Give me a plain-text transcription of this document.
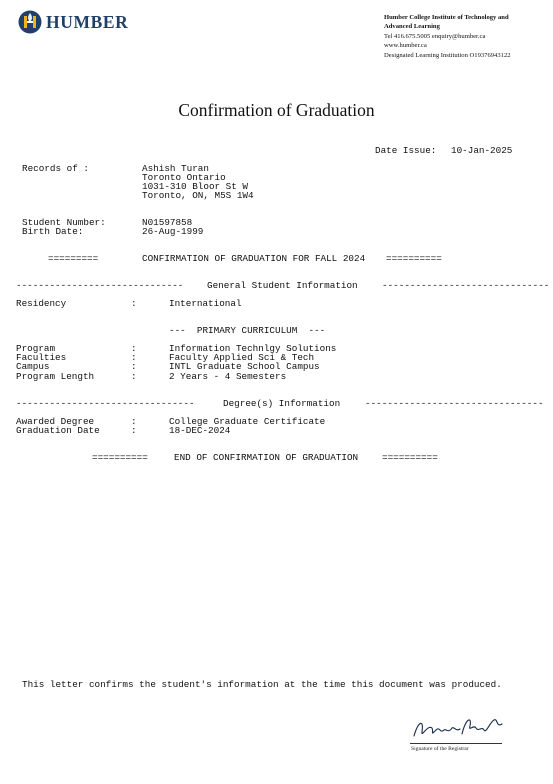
HUMBER	Humber College Institute of Technology and
Advanced Learning
Tel 416.675.5005 enquiry@humber.ca
www.humber.ca
Designated Learning Institution O19376943122
Confirmation of Graduation
Date Issue: 10-Jan-2025
Records of :	Ashish Turan
Toronto Ontario
1031-310 Bloor St W
Toronto, ON, M5S 1W4
Student Number:	N01597858
Birth Date:	26-Aug-1999
=========	CONFIRMATION OF GRADUATION FOR FALL 2024 ==========
------------------------------	General Student Information	------------------------------
Residency	:	International
---  PRIMARY CURRICULUM  ---
Program	:	Information Technlgy Solutions
Faculties	:	Faculty Applied Sci & Tech
Campus	:	INTL Graduate School Campus
Program Length	:	2 Years - 4 Semesters
--------------------------------	Degree(s) Information	--------------------------------
Awarded Degree	:	College Graduate Certificate
Graduation Date	:	18-DEC-2024
==========	END OF CONFIRMATION OF GRADUATION	==========
This letter confirms the student's information at the time this document was produced.
Signature of the Registrar
